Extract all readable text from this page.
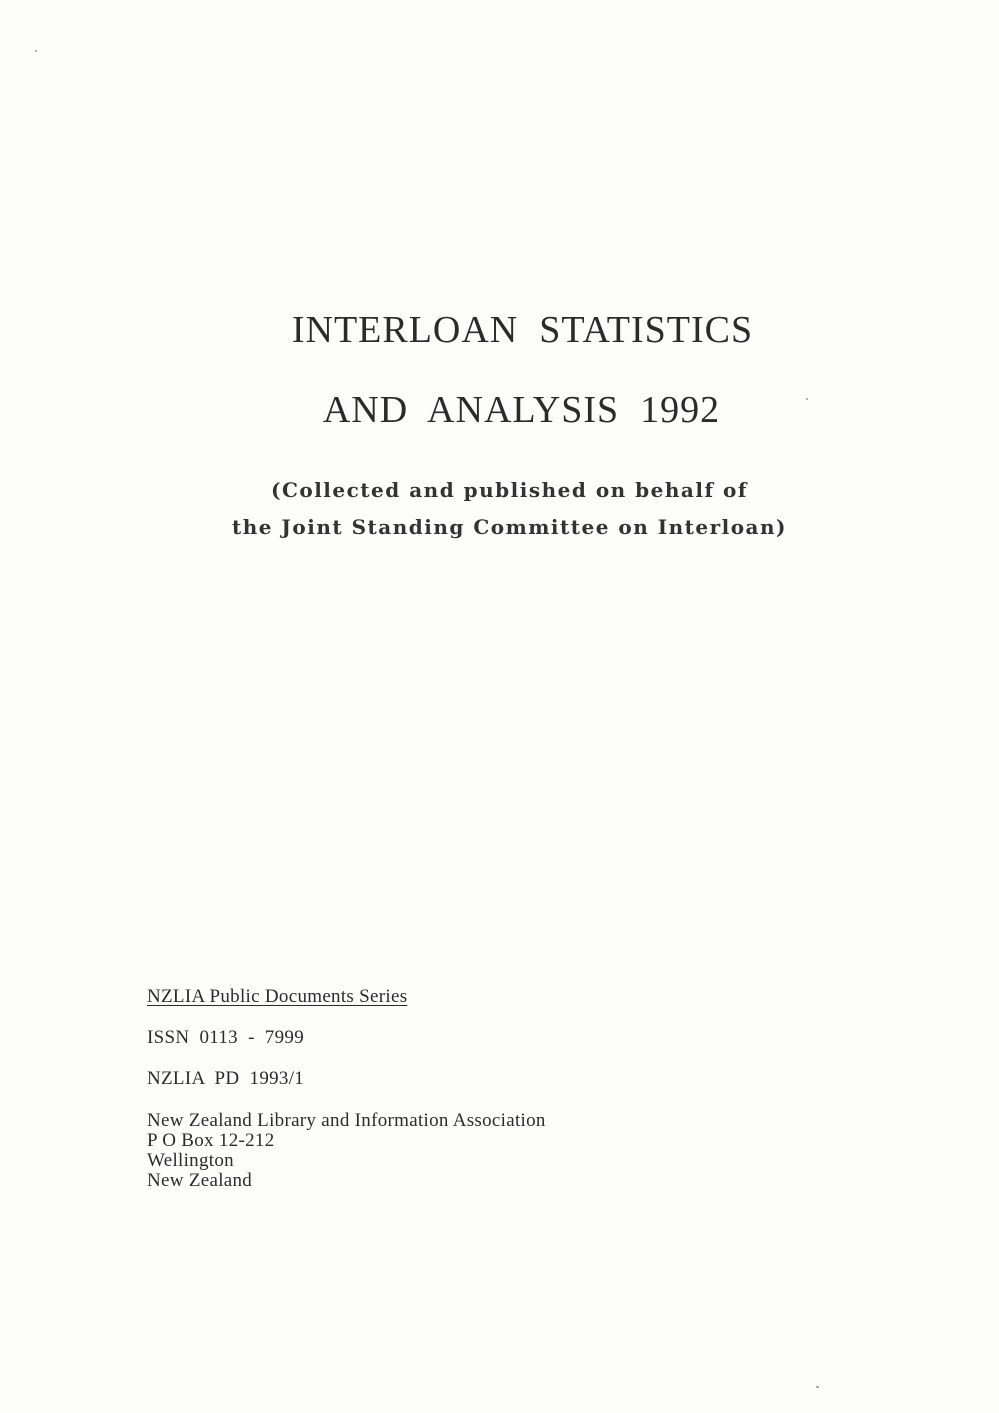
INTERLOAN  STATISTICS
AND  ANALYSIS  1992
(Collected and published on behalf of
the Joint Standing Committee on Interloan)
NZLIA Public Documents Series
ISSN  0113  -  7999
NZLIA  PD  1993/1
New Zealand Library and Information Association
P O Box 12-212
Wellington
New Zealand
